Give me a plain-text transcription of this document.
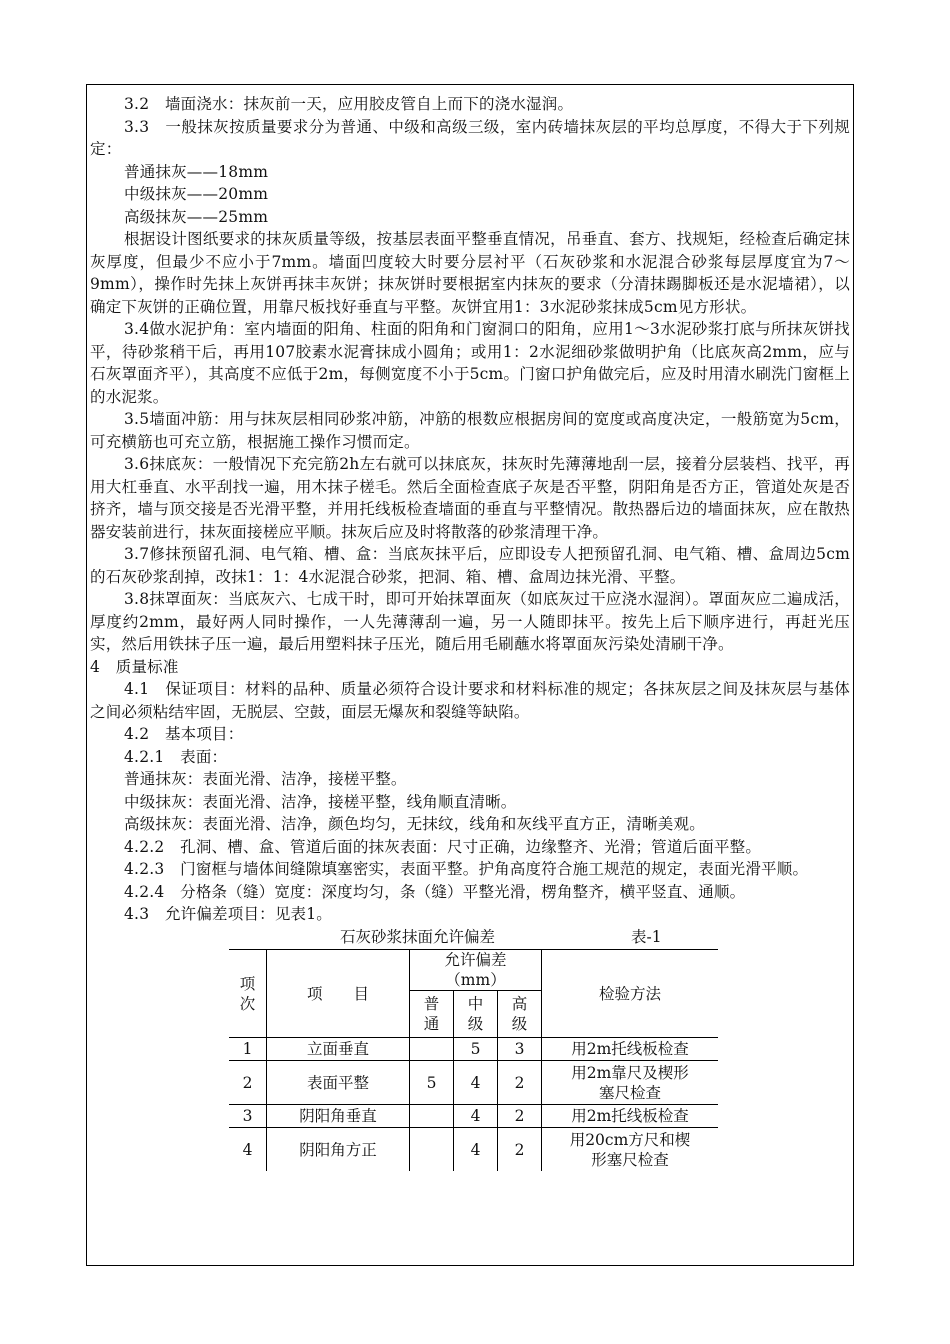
3.2　墙面浇水：抹灰前一天，应用胶皮管自上而下的浇水湿润。

3.3　一般抹灰按质量要求分为普通、中级和高级三级，室内砖墙抹灰层的平均总厚度，不得大于下列规定：

普通抹灰——18mm

中级抹灰——20mm

高级抹灰——25mm

根据设计图纸要求的抹灰质量等级，按基层表面平整垂直情况，吊垂直、套方、找规矩，经检查后确定抹灰厚度，但最少不应小于7mm。墙面凹度较大时要分层衬平（石灰砂浆和水泥混合砂浆每层厚度宜为7～9mm），操作时先抹上灰饼再抹丰灰饼；抹灰饼时要根据室内抹灰的要求（分清抹踢脚板还是水泥墙裙），以确定下灰饼的正确位置，用靠尺板找好垂直与平整。灰饼宜用1：3水泥砂浆抹成5cm见方形状。

3.4做水泥护角：室内墙面的阳角、柱面的阳角和门窗洞口的阳角，应用1～3水泥砂浆打底与所抹灰饼找平，待砂浆稍干后，再用107胶素水泥膏抹成小圆角；或用1：2水泥细砂浆做明护角（比底灰高2mm，应与石灰罩面齐平），其高度不应低于2m，每侧宽度不小于5cm。门窗口护角做完后，应及时用清水刷洗门窗框上的水泥浆。

3.5墙面冲筋：用与抹灰层相同砂浆冲筋，冲筋的根数应根据房间的宽度或高度决定，一般筋宽为5cm，可充横筋也可充立筋，根据施工操作习惯而定。

3.6抹底灰：一般情况下充完筋2h左右就可以抹底灰，抹灰时先薄薄地刮一层，接着分层装档、找平，再用大杠垂直、水平刮找一遍，用木抹子槎毛。然后全面检查底子灰是否平整，阴阳角是否方正，管道处灰是否挤齐，墙与顶交接是否光滑平整，并用托线板检查墙面的垂直与平整情况。散热器后边的墙面抹灰，应在散热器安装前进行，抹灰面接槎应平顺。抹灰后应及时将散落的砂浆清理干净。

3.7修抹预留孔洞、电气箱、槽、盒：当底灰抹平后，应即设专人把预留孔洞、电气箱、槽、盒周边5cm的石灰砂浆刮掉，改抹1：1：4水泥混合砂浆，把洞、箱、槽、盒周边抹光滑、平整。

3.8抹罩面灰：当底灰六、七成干时，即可开始抹罩面灰（如底灰过干应浇水湿润）。罩面灰应二遍成活，厚度约2mm，最好两人同时操作，一人先薄薄刮一遍，另一人随即抹平。按先上后下顺序进行，再赶光压实，然后用铁抹子压一遍，最后用塑料抹子压光，随后用毛刷蘸水将罩面灰污染处清刷干净。

4　质量标准

4.1　保证项目：材料的品种、质量必须符合设计要求和材料标准的规定；各抹灰层之间及抹灰层与基体之间必须粘结牢固，无脱层、空鼓，面层无爆灰和裂缝等缺陷。

4.2　基本项目：

4.2.1　表面：

普通抹灰：表面光滑、洁净，接槎平整。

中级抹灰：表面光滑、洁净，接槎平整，线角顺直清晰。

高级抹灰：表面光滑、洁净，颜色均匀，无抹纹，线角和灰线平直方正，清晰美观。

4.2.2　孔洞、槽、盒、管道后面的抹灰表面：尺寸正确，边缘整齐、光滑；管道后面平整。

4.2.3　门窗框与墙体间缝隙填塞密实，表面平整。护角高度符合施工规范的规定，表面光滑平顺。

4.2.4　分格条（缝）宽度：深度均匀，条（缝）平整光滑，楞角整齐，横平竖直、通顺。

4.3　允许偏差项目：见表1。

石灰砂浆抹面允许偏差	表-1
项次	项　　目	允许偏差
（mm）			检验方法

		普通	中级	高级	

1	立面垂直		5	3	用2m托线板检查
2	表面平整	5	4	2	用2m靠尺及楔形塞尺检查

3	阴阳角垂直		4	2	用2m托线板检查
4	阴阳角方正		4	2	用20cm方尺和楔形塞尺检查
